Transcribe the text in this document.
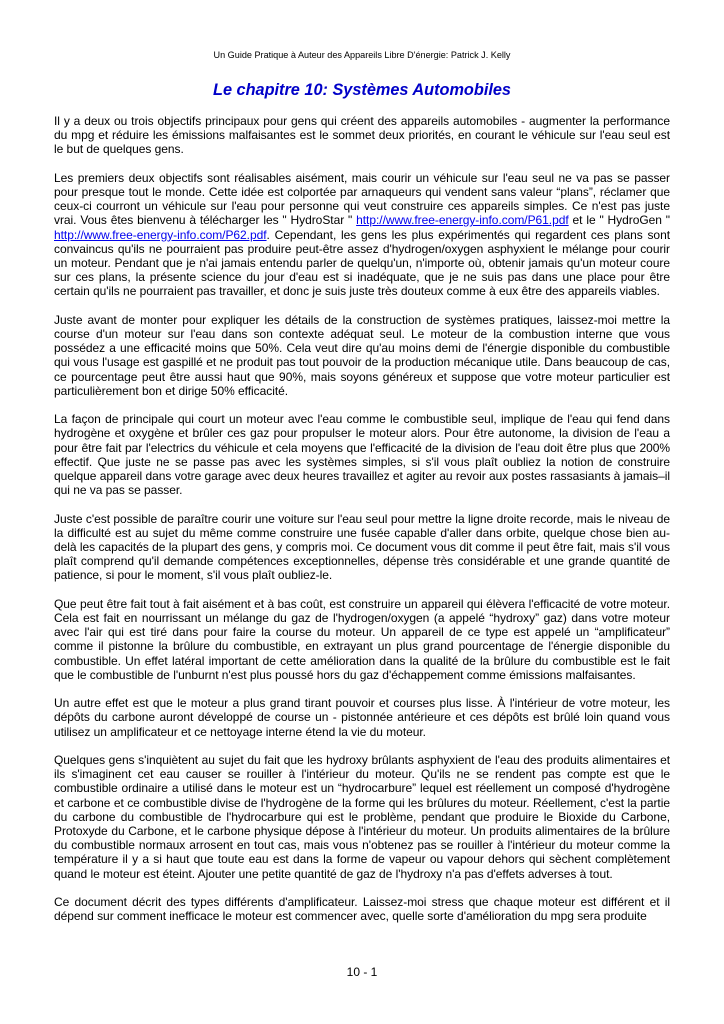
Un Guide Pratique à Auteur des Appareils Libre D'énergie: Patrick J. Kelly

Le chapitre 10: Systèmes Automobiles

Il y a deux ou trois objectifs principaux pour gens qui créent des appareils automobiles - augmenter la performance du mpg et réduire les émissions malfaisantes est le sommet deux priorités, en courant le véhicule sur l'eau seul est le but de quelques gens.

Les premiers deux objectifs sont réalisables aisément, mais courir un véhicule sur l'eau seul ne va pas se passer pour presque tout le monde. Cette idée est colportée par arnaqueurs qui vendent sans valeur “plans”, réclamer que ceux-ci courront un véhicule sur l'eau pour personne qui veut construire ces appareils simples. Ce n'est pas juste vrai. Vous êtes bienvenu à télécharger les " HydroStar " http://www.free-energy-info.com/P61.pdf et le " HydroGen " http://www.free-energy-info.com/P62.pdf. Cependant, les gens les plus expérimentés qui regardent ces plans sont convaincus qu'ils ne pourraient pas produire peut-être assez d'hydrogen/oxygen asphyxient le mélange pour courir un moteur. Pendant que je n'ai jamais entendu parler de quelqu'un, n'importe où, obtenir jamais qu'un moteur coure sur ces plans, la présente science du jour d'eau est si inadéquate, que je ne suis pas dans une place pour être certain qu'ils ne pourraient pas travailler, et donc je suis juste très douteux comme à eux être des appareils viables.

Juste avant de monter pour expliquer les détails de la construction de systèmes pratiques, laissez-moi mettre la course d'un moteur sur l'eau dans son contexte adéquat seul. Le moteur de la combustion interne que vous possédez a une efficacité moins que 50%. Cela veut dire qu'au moins demi de l'énergie disponible du combustible qui vous l'usage est gaspillé et ne produit pas tout pouvoir de la production mécanique utile. Dans beaucoup de cas, ce pourcentage peut être aussi haut que 90%, mais soyons généreux et suppose que votre moteur particulier est particulièrement bon et dirige 50% efficacité.

La façon de principale qui court un moteur avec l'eau comme le combustible seul, implique de l'eau qui fend dans hydrogène et oxygène et brûler ces gaz pour propulser le moteur alors. Pour être autonome, la division de l'eau a pour être fait par l'electrics du véhicule et cela moyens que l'efficacité de la division de l'eau doit être plus que 200% effectif. Que juste ne se passe pas avec les systèmes simples, si s'il vous plaît oubliez la notion de construire quelque appareil dans votre garage avec deux heures travaillez et agiter au revoir aux postes rassasiants à jamais–il qui ne va pas se passer.

Juste c'est possible de paraître courir une voiture sur l'eau seul pour mettre la ligne droite recorde, mais le niveau de la difficulté est au sujet du même comme construire une fusée capable d'aller dans orbite, quelque chose bien au-delà les capacités de la plupart des gens, y compris moi. Ce document vous dit comme il peut être fait, mais s'il vous plaît comprend qu'il demande compétences exceptionnelles, dépense très considérable et une grande quantité de patience, si pour le moment, s'il vous plaît oubliez-le.

Que peut être fait tout à fait aisément et à bas coût, est construire un appareil qui élèvera l'efficacité de votre moteur. Cela est fait en nourrissant un mélange du gaz de l'hydrogen/oxygen (a appelé “hydroxy” gaz) dans votre moteur avec l'air qui est tiré dans pour faire la course du moteur. Un appareil de ce type est appelé un “amplificateur” comme il pistonne la brûlure du combustible, en extrayant un plus grand pourcentage de l'énergie disponible du combustible. Un effet latéral important de cette amélioration dans la qualité de la brûlure du combustible est le fait que le combustible de l'unburnt n'est plus poussé hors du gaz d'échappement comme émissions malfaisantes.

Un autre effet est que le moteur a plus grand tirant pouvoir et courses plus lisse. À l'intérieur de votre moteur, les dépôts du carbone auront développé de course un - pistonnée antérieure et ces dépôts est brûlé loin quand vous utilisez un amplificateur et ce nettoyage interne étend la vie du moteur.

Quelques gens s'inquiètent au sujet du fait que les hydroxy brûlants asphyxient de l'eau des produits alimentaires et ils s'imaginent cet eau causer se rouiller à l'intérieur du moteur. Qu'ils ne se rendent pas compte est que le combustible ordinaire a utilisé dans le moteur est un “hydrocarbure” lequel est réellement un composé d'hydrogène et carbone et ce combustible divise de l'hydrogène de la forme qui les brûlures du moteur. Réellement, c'est la partie du carbone du combustible de l'hydrocarbure qui est le problème, pendant que produire le Bioxide du Carbone, Protoxyde du Carbone, et le carbone physique dépose à l'intérieur du moteur. Un produits alimentaires de la brûlure du combustible normaux arrosent en tout cas, mais vous n'obtenez pas se rouiller à l'intérieur du moteur comme la température il y a si haut que toute eau est dans la forme de vapeur ou vapour dehors qui sèchent complètement quand le moteur est éteint. Ajouter une petite quantité de gaz de l'hydroxy n'a pas d'effets adverses à tout.

Ce document décrit des types différents d'amplificateur. Laissez-moi stress que chaque moteur est différent et il dépend sur comment inefficace le moteur est commencer avec, quelle sorte d'amélioration du mpg sera produite

10 - 1
